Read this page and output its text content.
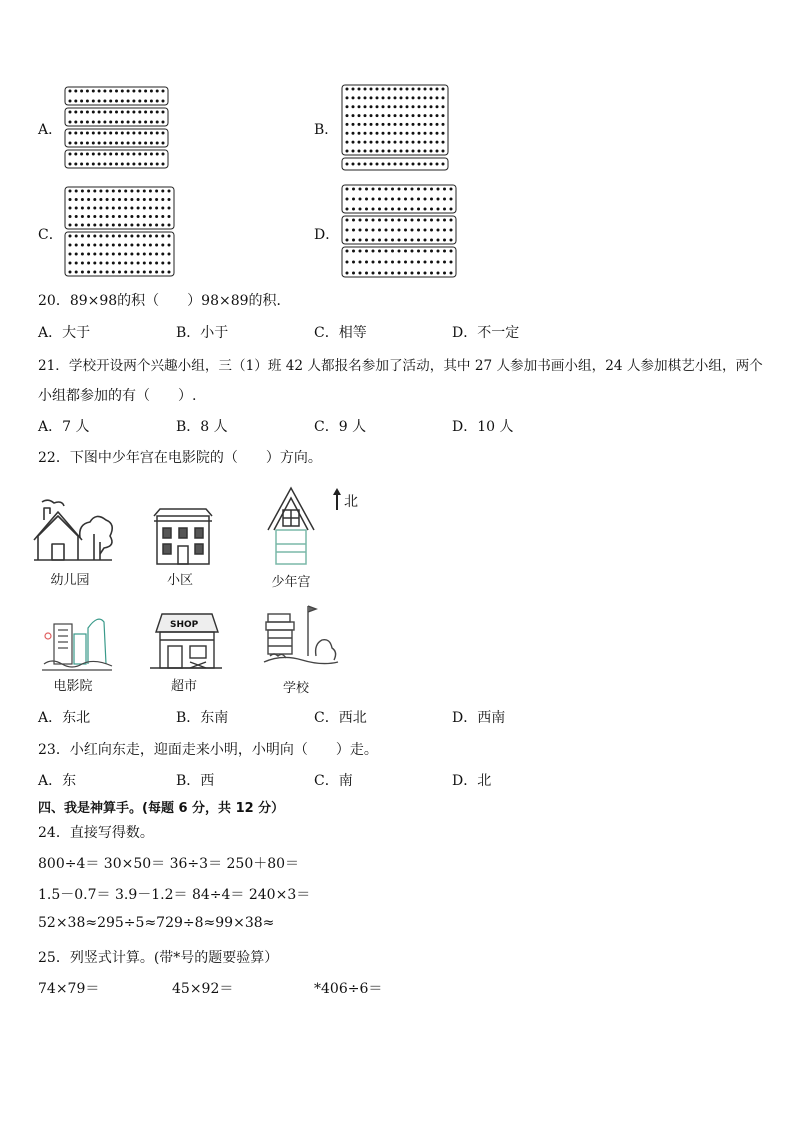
A．	B．
C．	D．
20．89×98的积（　　）98×89的积．
A．大于	B．小于	C．相等	D．不一定
21．学校开设两个兴趣小组，三（1）班 42 人都报名参加了活动，其中 27 人参加书画小组，24 人参加棋艺小组，两个
小组都参加的有（　　）.
A．7 人	B．8 人	C．9 人	D．10 人
22．下图中少年宫在电影院的（　　）方向。
北
幼儿园	小区	少年宫
电影院
SHOP
超市	学校
A．东北	B．东南	C．西北	D．西南
23．小红向东走，迎面走来小明，小明向（　　）走。
A．东	B．西	C．南	D．北
四、我是神算手。(每题 6 分，共 12 分）
24．直接写得数。
800÷4＝ 30×50＝ 36÷3＝ 250＋80＝
1.5－0.7＝ 3.9－1.2＝ 84÷4＝ 240×3＝
52×38≈295÷5≈729÷8≈99×38≈
25．列竖式计算。(带*号的题要验算）
74×79＝	45×92＝	*406÷6＝
